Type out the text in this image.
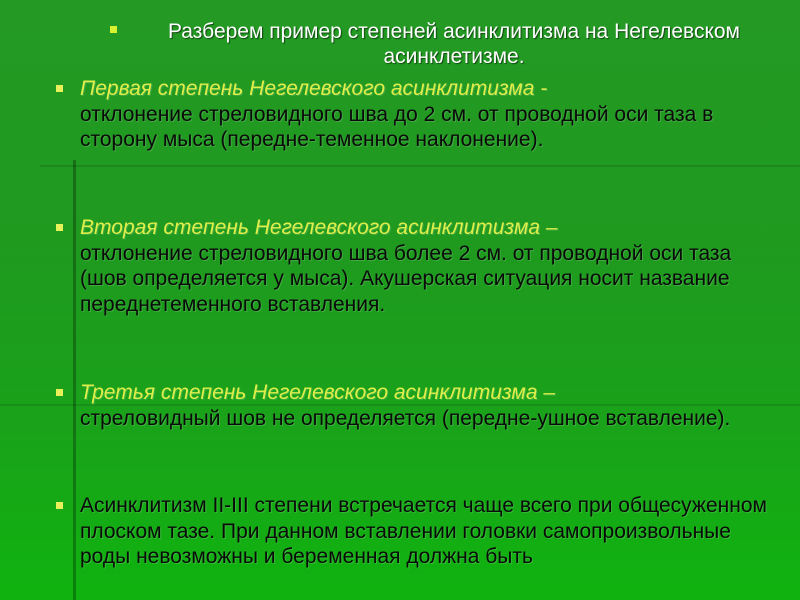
Разберем пример степеней асинклитизма на Негелевском асинклетизме.
Первая степень Негелевского асинклитизма -
отклонение стреловидного шва до 2 см. от проводной оси таза в сторону мыса (передне-теменное наклонение).
Вторая степень Негелевского асинклитизма –
отклонение стреловидного шва более 2 см. от проводной оси таза (шов определяется у мыса). Акушерская ситуация носит название переднетеменного вставления.
Третья степень Негелевского асинклитизма –
стреловидный шов не определяется (передне-ушное вставление).
Асинклитизм II-III степени встречается чаще всего при общесуженном плоском тазе. При данном вставлении головки самопроизвольные роды невозможны и беременная должна быть
